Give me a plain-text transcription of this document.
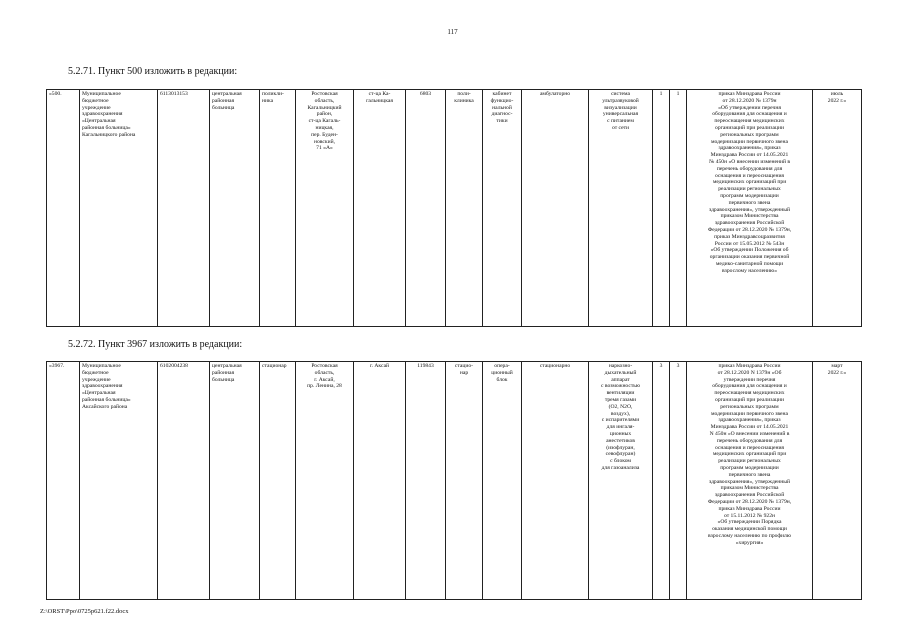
117
5.2.71. Пункт 500 изложить в редакции:
«500.	Муниципальное
бюджетное
учреждение
здравоохранения
«Центральная
районная больница»
Кагальницкого района	6113013153	центральная
районная
больница	поликли-
ника	Ростовская
область,
Кагальницкий
район,
ст-ца Кагаль-
ницкая,
пер. Буден-
новский,
71 «А»	ст-ца Ка-
гальницкая	6803	поли-
клиника	кабинет
функцио-
нальной
диагнос-
тики	амбулаторно	система
ультразвуковой
визуализации
универсальная
с питанием
от сети	1	1	приказ Минздрава России
от 28.12.2020 № 1379н
«Об утверждении перечня
оборудования для оснащения и
переоснащения медицинских
организаций при реализации
региональных программ
модернизации первичного звена
здравоохранения», приказ
Минздрава России от 14.05.2021
№ 450н «О внесении изменений в
перечень оборудования для
оснащения и переоснащения
медицинских организаций при
реализации региональных
программ модернизации
первичного звена
здравоохранения», утвержденный
приказом Министерства
здравоохранения Российской
Федерации от 28.12.2020 № 1379н,
приказ Минздравсоцразвития
России от 15.05.2012 № 543н
«Об утверждении Положения об
организации оказания первичной
медико-санитарной помощи
взрослому населению»	июль
2022 г.»
5.2.72. Пункт 3967 изложить в редакции:
«3967.	Муниципальное
бюджетное
учреждение
здравоохранения
«Центральная
районная больница»
Аксайского района	6102004238	центральная
районная
больница	стационар	Ростовская
область,
г. Аксай,
пр. Ленина, 28	г. Аксай	119843	стацио-
нар	опера-
ционный
блок	стационарно	наркозно-
дыхательный
аппарат
с возможностью
вентиляции
тремя газами
(O2, N2O,
воздух),
с испарителями
для ингаля-
ционных
анестетиков
(изофлуран,
севофлуран)
с блоком
для газоанализа	3	3	приказ Минздрава России
от 28.12.2020 N 1379н «Об
утверждении перечня
оборудования для оснащения и
переоснащения медицинских
организаций при реализации
региональных программ
модернизации первичного звена
здравоохранения», приказ
Минздрава России от 14.05.2021
N 450н «О внесении изменений в
перечень оборудования для
оснащения и переоснащения
медицинских организаций при
реализации региональных
программ модернизации
первичного звена
здравоохранения», утвержденный
приказом Министерства
здравоохранения Российской
Федерации от 28.12.2020 № 1379н,
приказ Минздрава России
от 15.11.2012 № 922н
«Об утверждении Порядка
оказания медицинской помощи
взрослому населению по профилю
«хирургия»	март
2022 г.»
Z:\ORST\Ppo\0725p621.f22.docx
